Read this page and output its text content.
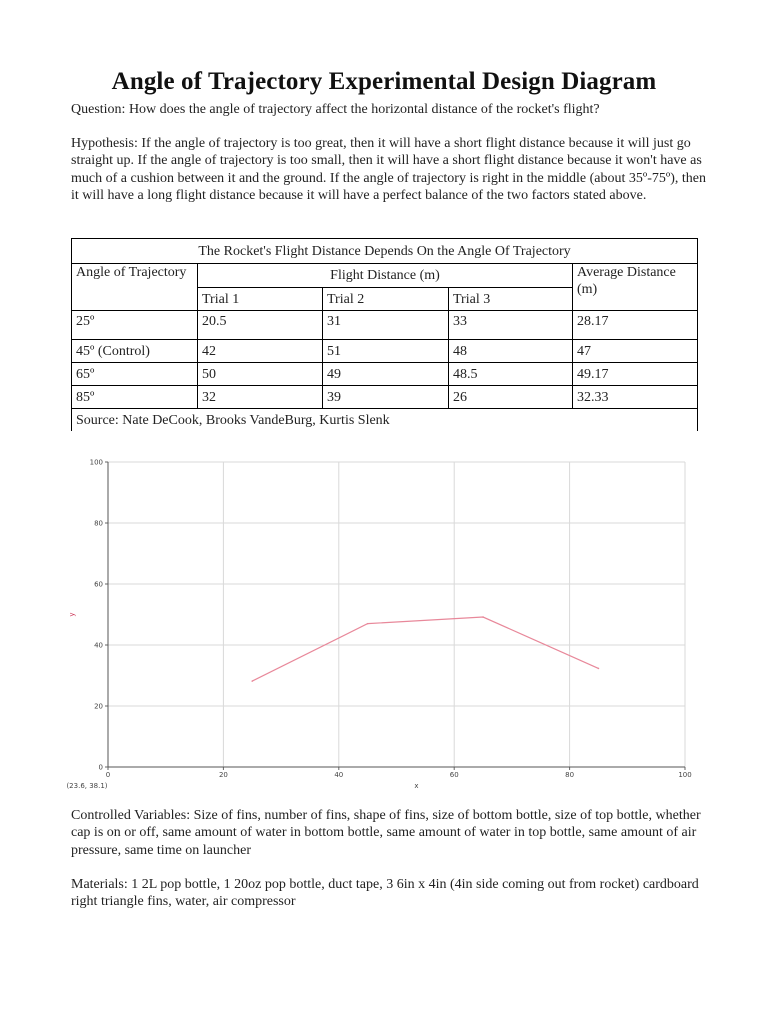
Angle of Trajectory Experimental Design Diagram
Question: How does the angle of trajectory affect the horizontal distance of the rocket's flight?
Hypothesis: If the angle of trajectory is too great, then it will have a short flight distance because it will just go straight up. If the angle of trajectory is too small, then it will have a short flight distance because it won't have as much of a cushion between it and the ground. If the angle of trajectory is right in the middle (about 35º-75º), then it will have a long flight distance because it will have a perfect balance of the two factors stated above.
The Rocket's Flight Distance Depends On the Angle Of Trajectory				
Angle of Trajectory	Flight Distance (m)			Average Distance (m)
	Trial 1	Trial 2	Trial 3	
25º	20.5	31	33	28.17
45º (Control)	42	51	48	47
65º	50	49	48.5	49.17
85º	32	39	26	32.33
Source: Nate DeCook, Brooks VandeBurg, Kurtis Slenk				
0	20	40	60	80	100
0
20
40
60
80
100
x
y
(23.6, 38.1)
Controlled Variables: Size of fins, number of fins, shape of fins, size of bottom bottle, size of top bottle, whether cap is on or off, same amount of water in bottom bottle, same amount of water in top bottle, same amount of air pressure, same time on launcher
Materials: 1 2L pop bottle, 1 20oz pop bottle, duct tape, 3 6in x 4in (4in side coming out from rocket) cardboard right triangle fins, water, air compressor
